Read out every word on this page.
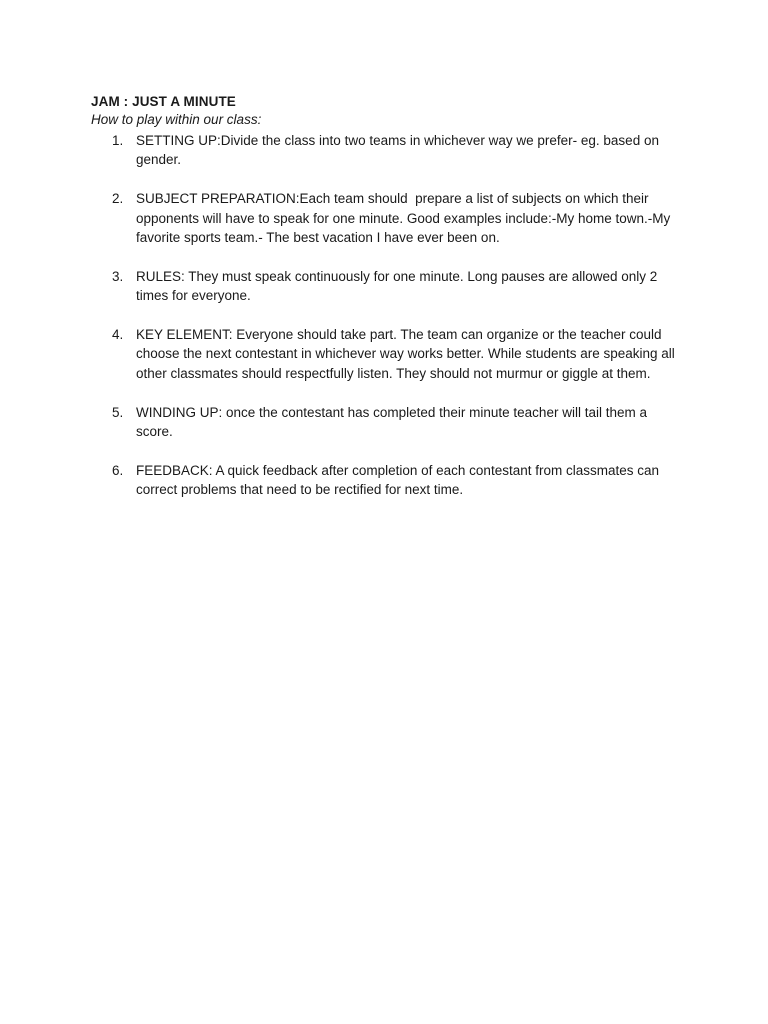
JAM : JUST A MINUTE

How to play within our class:

1. SETTING UP:Divide the class into two teams in whichever way we prefer- eg. based on gender.
2. SUBJECT PREPARATION:Each team should  prepare a list of subjects on which their opponents will have to speak for one minute. Good examples include:-My home town.-My favorite sports team.- The best vacation I have ever been on.
3. RULES: They must speak continuously for one minute. Long pauses are allowed only 2 times for everyone.
4. KEY ELEMENT: Everyone should take part. The team can organize or the teacher could choose the next contestant in whichever way works better. While students are speaking all  other classmates should respectfully listen. They should not murmur or giggle at them.
5. WINDING UP: once the contestant has completed their minute teacher will tail them a score.
6. FEEDBACK: A quick feedback after completion of each contestant from classmates can correct problems that need to be rectified for next time.
